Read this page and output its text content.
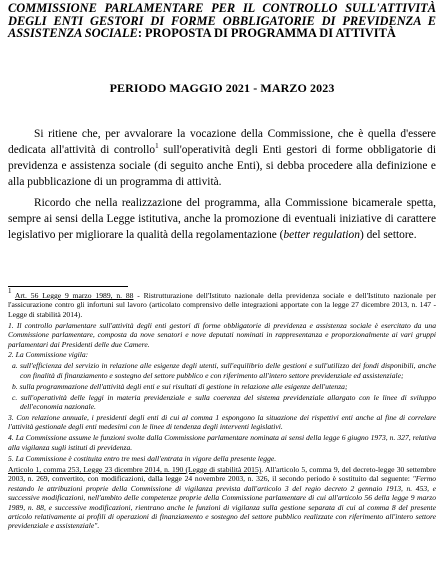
COMMISSIONE PARLAMENTARE PER IL CONTROLLO SULL'ATTIVITÀ DEGLI ENTI GESTORI DI FORME OBBLIGATORIE DI PREVIDENZA E ASSISTENZA SOCIALE: PROPOSTA DI PROGRAMMA DI ATTIVITÀ
PERIODO MAGGIO 2021 - MARZO 2023

Si ritiene che, per avvalorare la vocazione della Commissione, che è quella d'essere dedicata all'attività di controllo$^1$ sull'operatività degli Enti gestori di forme obbligatorie di previdenza e assistenza sociale (di seguito anche Enti), si debba procedere alla definizione e alla pubblicazione di un programma di attività.

Ricordo che nella realizzazione del programma, alla Commissione bicamerale spetta, sempre ai sensi della Legge istitutiva, anche la promozione di eventuali iniziative di carattere legislativo per migliorare la qualità della regolamentazione (better regulation) del settore.

$^1$ Art. 56 Legge 9 marzo 1989, n. 88 - Ristrutturazione dell'Istituto nazionale della previdenza sociale e dell'Istituto nazionale per l'assicurazione contro gli infortuni sul lavoro (articolato comprensivo delle integrazioni apportate con la legge 27 dicembre 2013, n. 147 - Legge di stabilità 2014).

1. Il controllo parlamentare sull'attività degli enti gestori di forme obbligatorie di previdenza e assistenza sociale è esercitato da una Commissione parlamentare, composta da nove senatori e nove deputati nominati in rappresentanza e proporzionalmente ai vari gruppi parlamentari dai Presidenti delle due Camere.

2. La Commissione vigila:

a. sull'efficienza del servizio in relazione alle esigenze degli utenti, sull'equilibrio delle gestioni e sull'utilizzo dei fondi disponibili, anche con finalità di finanziamento e sostegno del settore pubblico e con riferimento all'intero settore previdenziale ed assistenziale;

b. sulla programmazione dell'attività degli enti e sui risultati di gestione in relazione alle esigenze dell'utenza;

c. sull'operatività delle leggi in materia previdenziale e sulla coerenza del sistema previdenziale allargato con le linee di sviluppo dell'economia nazionale.

3. Con relazione annuale, i presidenti degli enti di cui al comma 1 espongono la situazione dei rispettivi enti anche al fine di correlare l'attività gestionale degli enti medesimi con le linee di tendenza degli interventi legislativi.

4. La Commissione assume le funzioni svolte dalla Commissione parlamentare nominata ai sensi della legge 6 giugno 1973, n. 327, relativa alla vigilanza sugli istituti di previdenza.

5. La Commissione è costituita entro tre mesi dall'entrata in vigore della presente legge.

Articolo 1, comma 253, Legge 23 dicembre 2014, n. 190 (Legge di stabilità 2015). All'articolo 5, comma 9, del decreto-legge 30 settembre 2003, n. 269, convertito, con modificazioni, dalla legge 24 novembre 2003, n. 326, il secondo periodo è sostituito dal seguente: "Fermo restando le attribuzioni proprie della Commissione di vigilanza prevista dall'articolo 3 del regio decreto 2 gennaio 1913, n. 453, e successive modificazioni, nell'ambito delle competenze proprie della Commissione parlamentare di cui all'articolo 56 della legge 9 marzo 1989, n. 88, e successive modificazioni, rientrano anche le funzioni di vigilanza sulla gestione separata di cui al comma 8 del presente articolo relativamente ai profili di operazioni di finanziamento e sostegno del settore pubblico realizzate con riferimento all'intero settore previdenziale e assistenziale".
